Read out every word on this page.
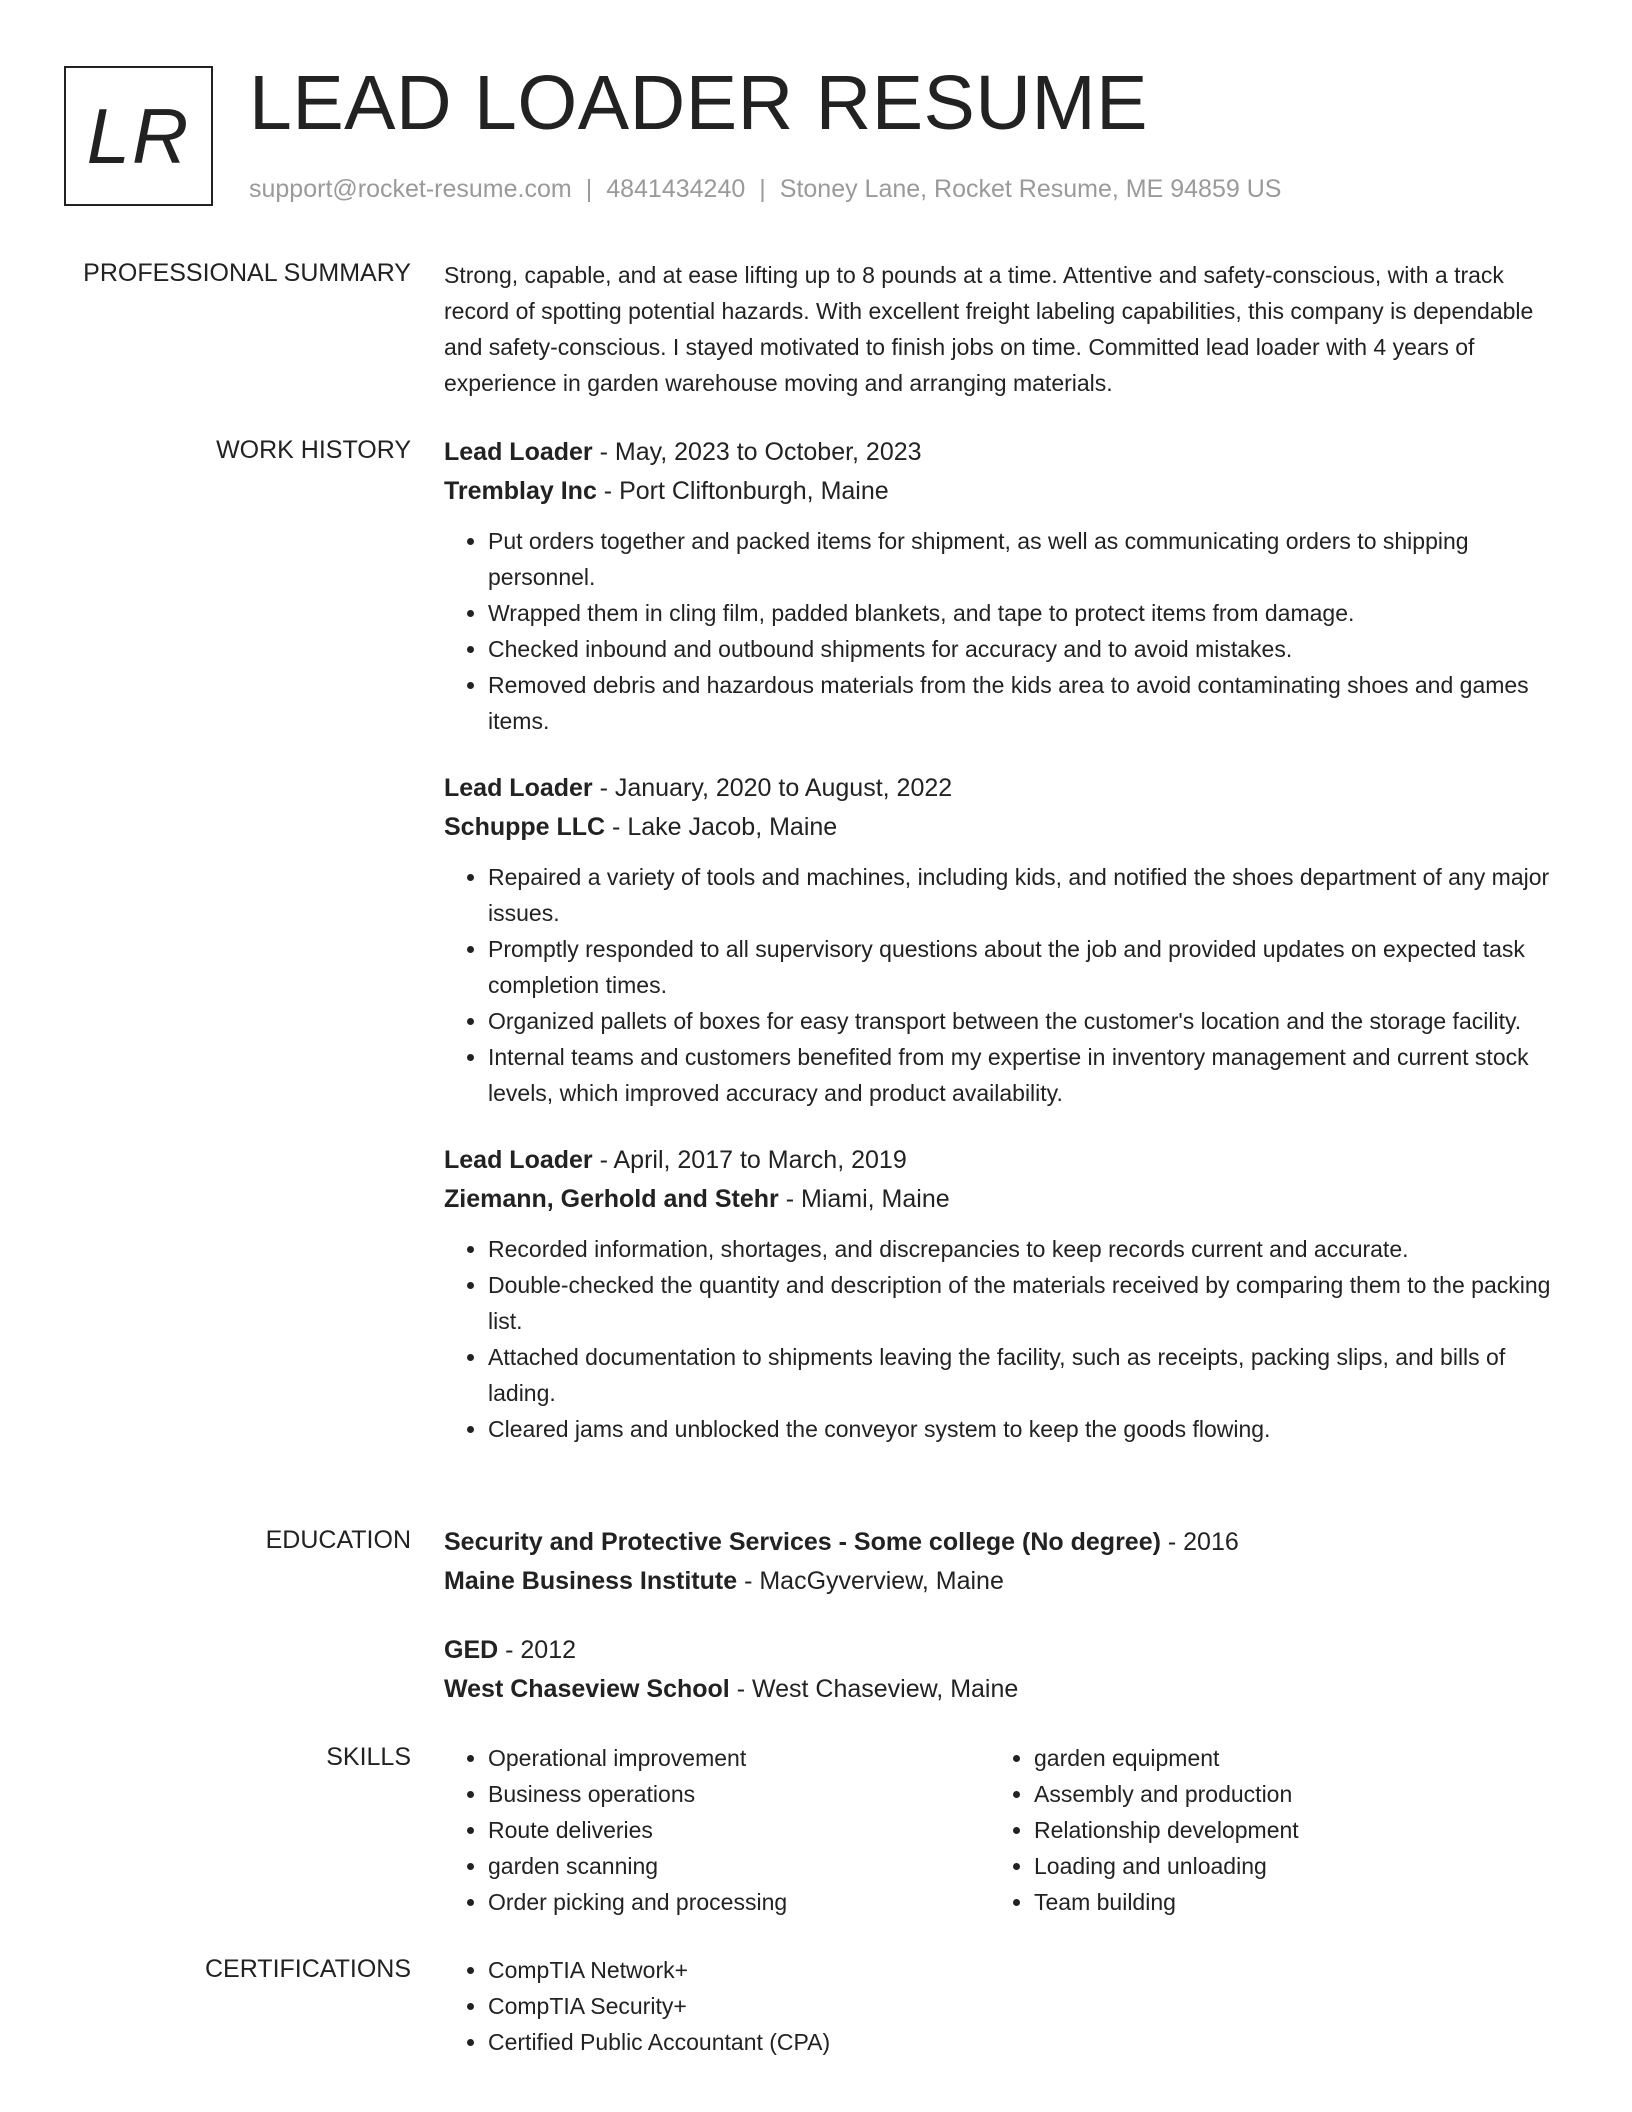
LR LEAD LOADER RESUME
support@rocket-resume.com | 4841434240 | Stoney Lane, Rocket Resume, ME 94859 US
PROFESSIONAL SUMMARY Strong, capable, and at ease lifting up to 8 pounds at a time. Attentive and safety-conscious, with a track record of spotting potential hazards. With excellent freight labeling capabilities, this company is dependable and safety-conscious. I stayed motivated to finish jobs on time. Committed lead loader with 4 years of experience in garden warehouse moving and arranging materials.

WORK HISTORY Lead Loader - May, 2023 to October, 2023
Tremblay Inc - Port Cliftonburgh, Maine
• Put orders together and packed items for shipment, as well as communicating orders to shipping personnel.
• Wrapped them in cling film, padded blankets, and tape to protect items from damage.
• Checked inbound and outbound shipments for accuracy and to avoid mistakes.
• Removed debris and hazardous materials from the kids area to avoid contaminating shoes and games items.
Lead Loader - January, 2020 to August, 2022
Schuppe LLC - Lake Jacob, Maine
• Repaired a variety of tools and machines, including kids, and notified the shoes department of any major issues.
• Promptly responded to all supervisory questions about the job and provided updates on expected task completion times.
• Organized pallets of boxes for easy transport between the customer's location and the storage facility.
• Internal teams and customers benefited from my expertise in inventory management and current stock levels, which improved accuracy and product availability.
Lead Loader - April, 2017 to March, 2019
Ziemann, Gerhold and Stehr - Miami, Maine
• Recorded information, shortages, and discrepancies to keep records current and accurate.
• Double-checked the quantity and description of the materials received by comparing them to the packing list.
• Attached documentation to shipments leaving the facility, such as receipts, packing slips, and bills of lading.
• Cleared jams and unblocked the conveyor system to keep the goods flowing.
EDUCATION Security and Protective Services - Some college (No degree) - 2016
Maine Business Institute - MacGyverview, Maine
GED - 2012
West Chaseview School - West Chaseview, Maine
SKILLS	• Operational improvement
• Business operations
• Route deliveries
• garden scanning
• Order picking and processing
• garden equipment
• Assembly and production
• Relationship development
• Loading and unloading
• Team building
CERTIFICATIONS	• CompTIA Network+
• CompTIA Security+
• Certified Public Accountant (CPA)
